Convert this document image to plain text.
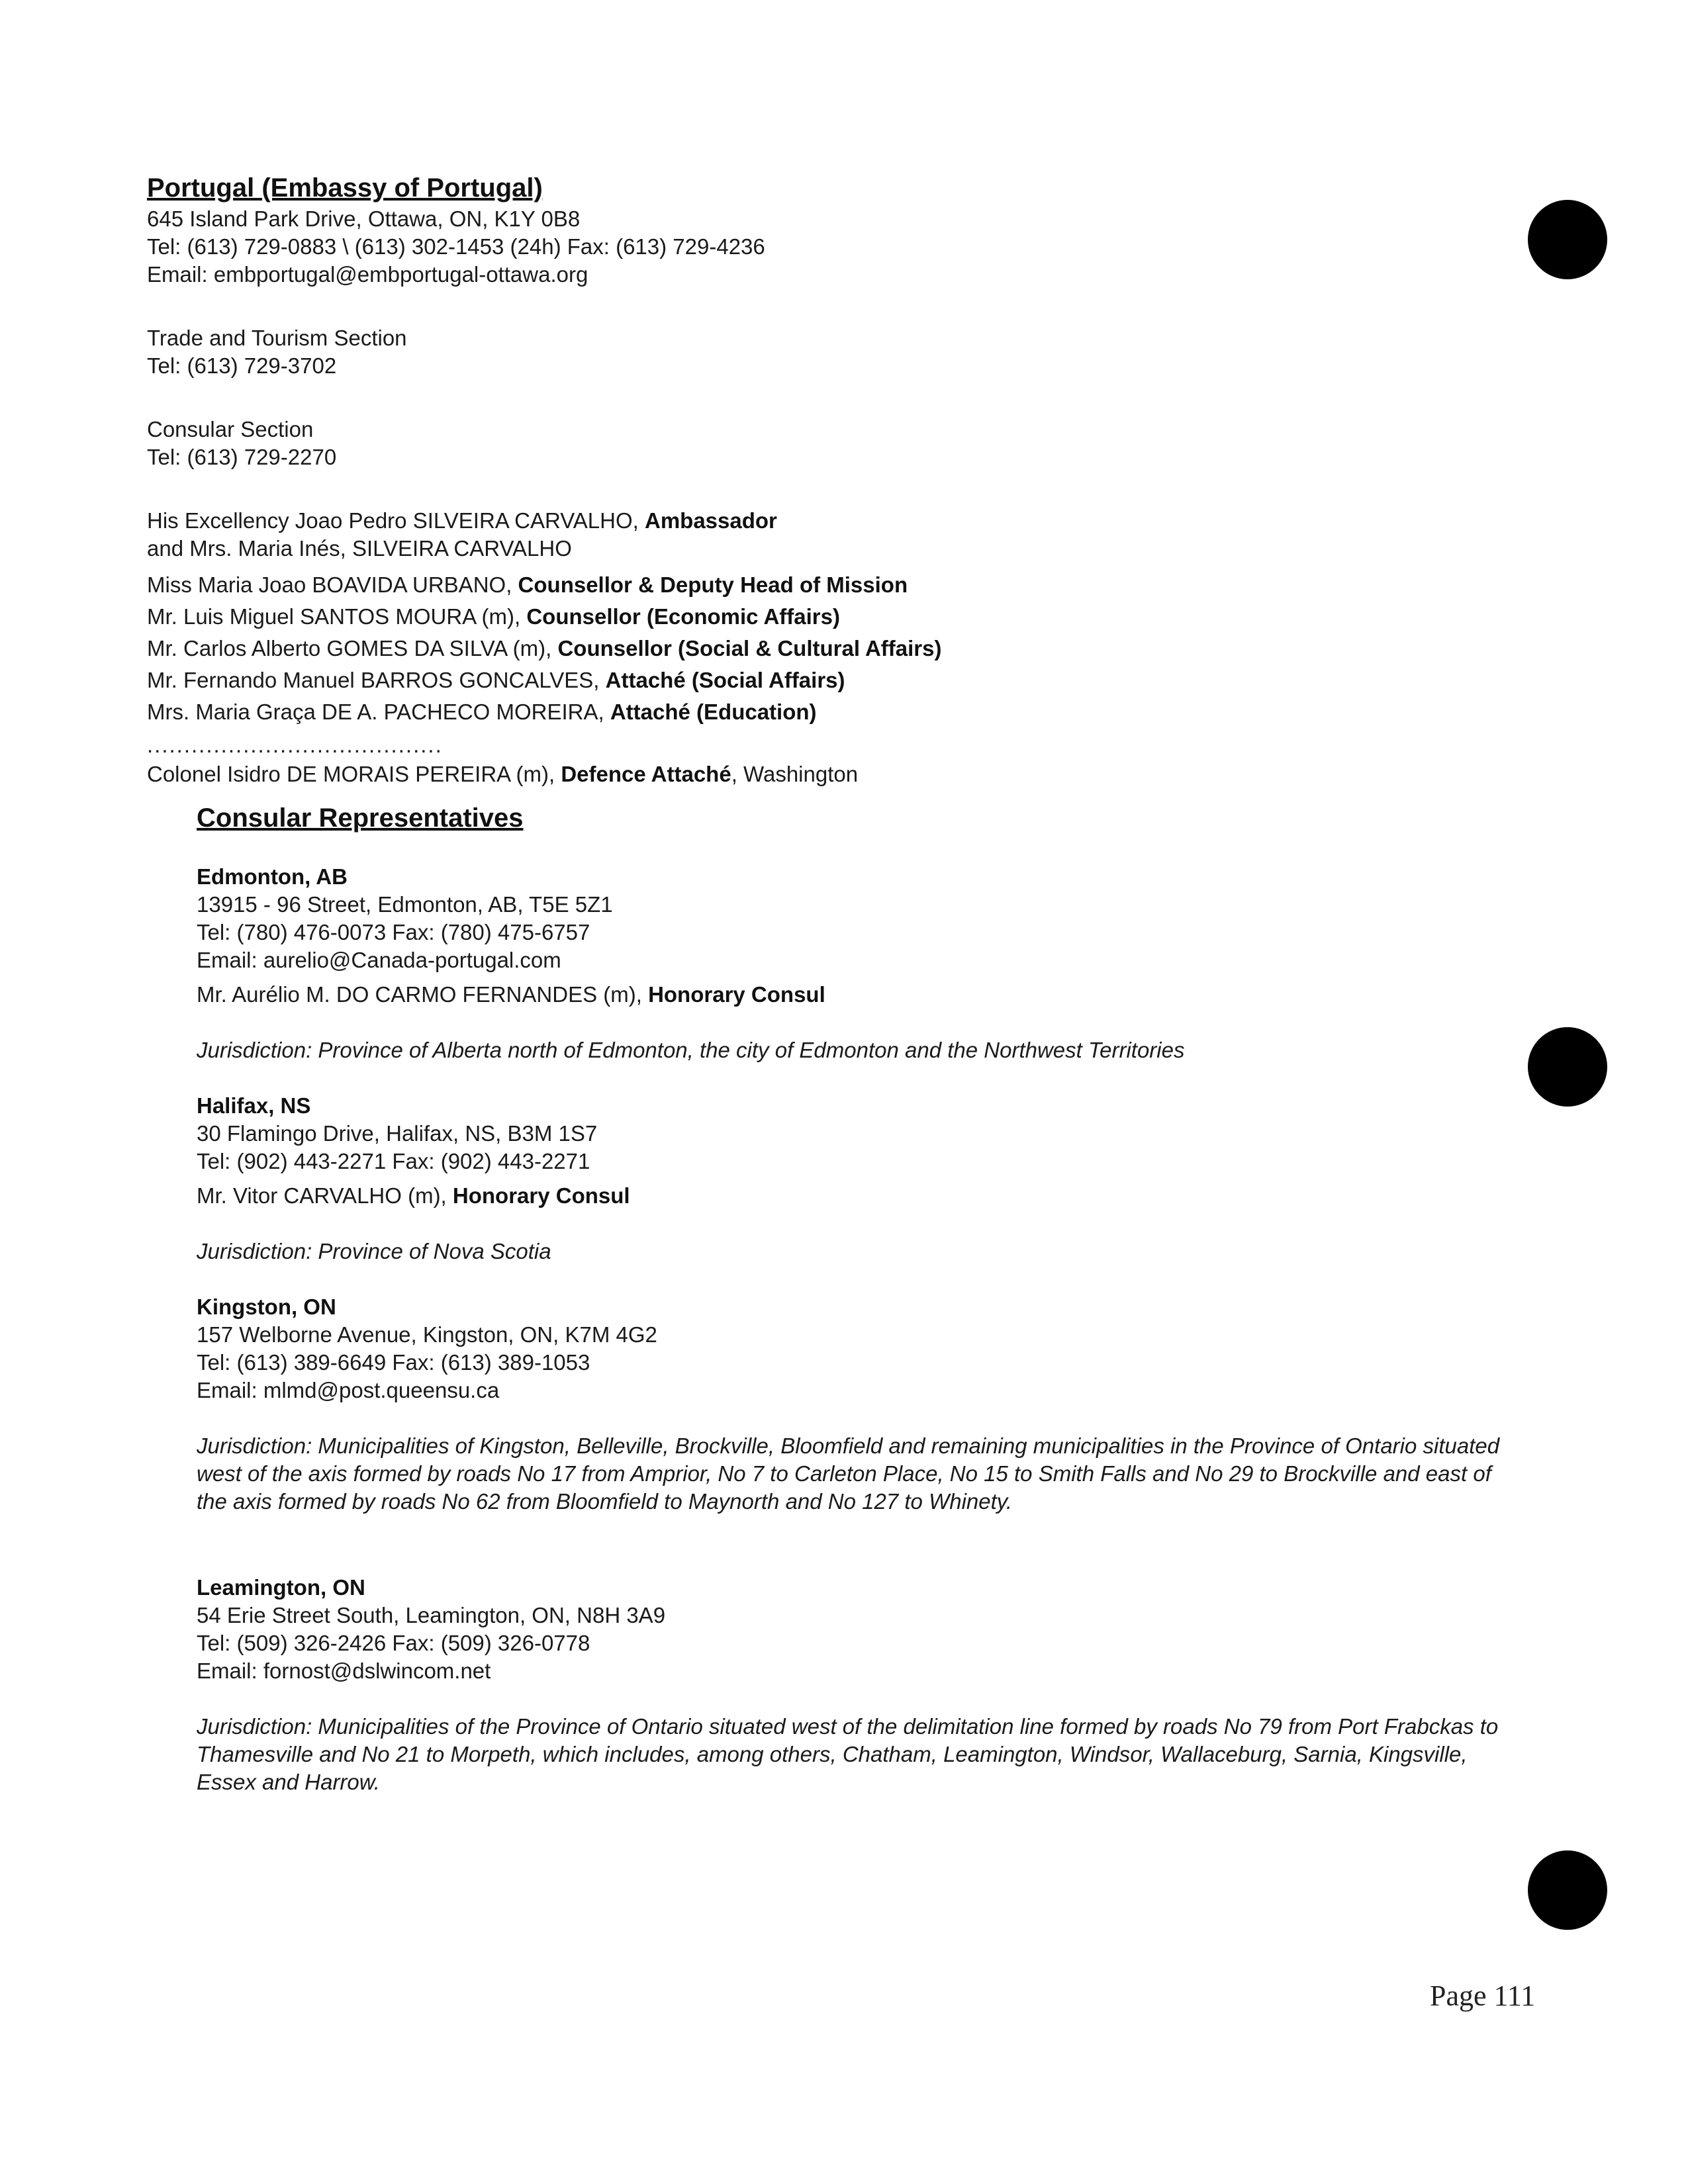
Portugal (Embassy of Portugal)
645 Island Park Drive, Ottawa, ON, K1Y 0B8
Tel: (613) 729-0883 \ (613) 302-1453 (24h) Fax: (613) 729-4236
Email: embportugal@embportugal-ottawa.org
Trade and Tourism Section
Tel: (613) 729-3702
Consular Section
Tel: (613) 729-2270
His Excellency Joao Pedro SILVEIRA CARVALHO, Ambassador
and Mrs. Maria Inés, SILVEIRA CARVALHO
Miss Maria Joao BOAVIDA URBANO, Counsellor & Deputy Head of Mission
Mr. Luis Miguel SANTOS MOURA (m), Counsellor (Economic Affairs)
Mr. Carlos Alberto GOMES DA SILVA (m), Counsellor (Social & Cultural Affairs)
Mr. Fernando Manuel BARROS GONCALVES, Attaché (Social Affairs)
Mrs. Maria Graça DE A. PACHECO MOREIRA, Attaché (Education)
........................................
Colonel Isidro DE MORAIS PEREIRA (m), Defence Attaché, Washington
Consular Representatives
Edmonton, AB
13915 - 96 Street, Edmonton, AB, T5E 5Z1
Tel: (780) 476-0073 Fax: (780) 475-6757
Email: aurelio@Canada-portugal.com
Mr. Aurélio M. DO CARMO FERNANDES (m), Honorary Consul
Jurisdiction: Province of Alberta north of Edmonton, the city of Edmonton and the Northwest Territories
Halifax, NS
30 Flamingo Drive, Halifax, NS, B3M 1S7
Tel: (902) 443-2271 Fax: (902) 443-2271
Mr. Vitor CARVALHO (m), Honorary Consul
Jurisdiction: Province of Nova Scotia
Kingston, ON
157 Welborne Avenue, Kingston, ON, K7M 4G2
Tel: (613) 389-6649 Fax: (613) 389-1053
Email: mlmd@post.queensu.ca
Jurisdiction: Municipalities of Kingston, Belleville, Brockville, Bloomfield and remaining municipalities in the Province of Ontario situated west of the axis formed by roads No 17 from Amprior, No 7 to Carleton Place, No 15 to Smith Falls and No 29 to Brockville and east of the axis formed by roads No 62 from Bloomfield to Maynorth and No 127 to Whinety.
Leamington, ON
54 Erie Street South, Leamington, ON, N8H 3A9
Tel: (509) 326-2426 Fax: (509) 326-0778
Email: fornost@dslwincom.net
Jurisdiction: Municipalities of the Province of Ontario situated west of the delimitation line formed by roads No 79 from Port Frabckas to Thamesville and No 21 to Morpeth, which includes, among others, Chatham, Leamington, Windsor, Wallaceburg, Sarnia, Kingsville, Essex and Harrow.
Page 111
